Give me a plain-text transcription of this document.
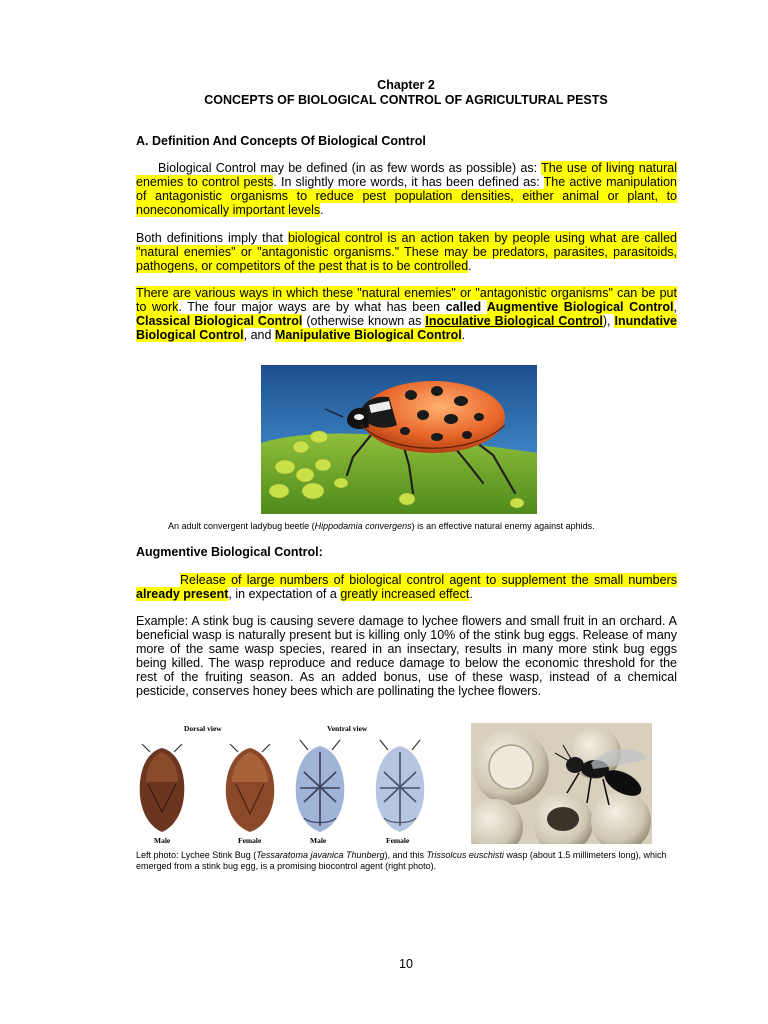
Chapter 2
CONCEPTS OF BIOLOGICAL CONTROL OF AGRICULTURAL PESTS
A. Definition And Concepts Of Biological Control
Biological Control may be defined (in as few words as possible) as: The use of living natural enemies to control pests. In slightly more words, it has been defined as: The active manipulation of antagonistic organisms to reduce pest population densities, either animal or plant, to noneconomically important levels.
Both definitions imply that biological control is an action taken by people using what are called "natural enemies" or "antagonistic organisms." These may be predators, parasites, parasitoids, pathogens, or competitors of the pest that is to be controlled.
There are various ways in which these "natural enemies" or "antagonistic organisms" can be put to work. The four major ways are by what has been called Augmentive Biological Control, Classical Biological Control (otherwise known as Inoculative Biological Control), Inundative Biological Control, and Manipulative Biological Control.
An adult convergent ladybug beetle (Hippodamia convergens) is an effective natural enemy against aphids.
Augmentive Biological Control:
Release of large numbers of biological control agent to supplement the small numbers already present, in expectation of a greatly increased effect.
Example: A stink bug is causing severe damage to lychee flowers and small fruit in an orchard. A beneficial wasp is naturally present but is killing only 10% of the stink bug eggs. Release of many more of the same wasp species, reared in an insectary, results in many more stink bug eggs being killed. The wasp reproduce and reduce damage to below the economic threshold for the rest of the fruiting season. As an added bonus, use of these wasp, instead of a chemical pesticide, conserves honey bees which are pollinating the lychee flowers.
Dorsal view	Ventral view
Male	Female	Male	Female
Left photo: Lychee Stink Bug (Tessaratoma javanica Thunberg), and this Trissolcus euschisti wasp (about 1.5 millimeters long), which emerged from a stink bug egg, is a promising biocontrol agent (right photo).
10
